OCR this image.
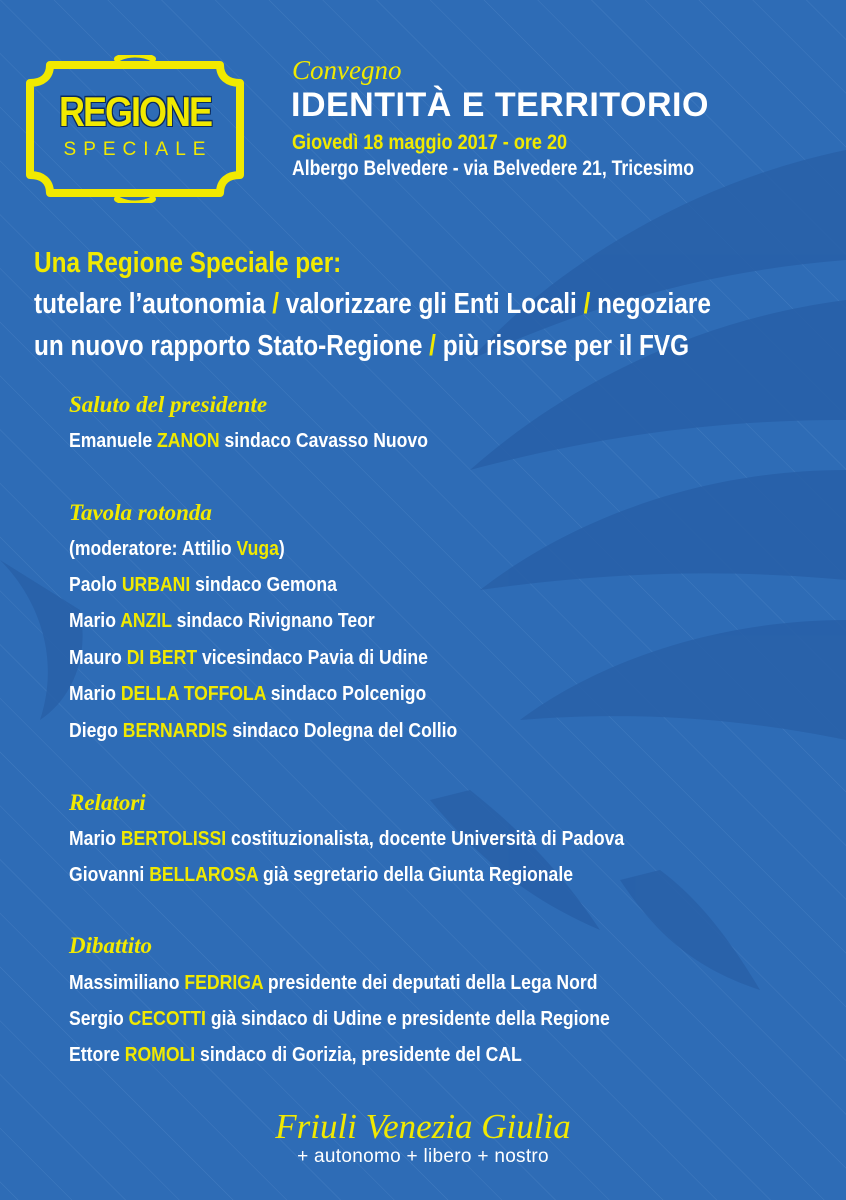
REGIONE
SPECIALE
Convegno
IDENTITÀ E TERRITORIO
Giovedì 18 maggio 2017 - ore 20
Albergo Belvedere - via Belvedere 21, Tricesimo
Una Regione Speciale per:
tutelare l’autonomia / valorizzare gli Enti Locali / negoziare
un nuovo rapporto Stato-Regione / più risorse per il FVG
Saluto del presidente
Emanuele ZANON sindaco Cavasso Nuovo
Tavola rotonda
(moderatore: Attilio Vuga)
Paolo URBANI sindaco Gemona
Mario ANZIL sindaco Rivignano Teor
Mauro DI BERT vicesindaco Pavia di Udine
Mario DELLA TOFFOLA sindaco Polcenigo
Diego BERNARDIS sindaco Dolegna del Collio
Relatori
Mario BERTOLISSI costituzionalista, docente Università di Padova
Giovanni BELLAROSA già segretario della Giunta Regionale
Dibattito
Massimiliano FEDRIGA presidente dei deputati della Lega Nord
Sergio CECOTTI già sindaco di Udine e presidente della Regione
Ettore ROMOLI sindaco di Gorizia, presidente del CAL
Friuli Venezia Giulia
+ autonomo + libero + nostro
